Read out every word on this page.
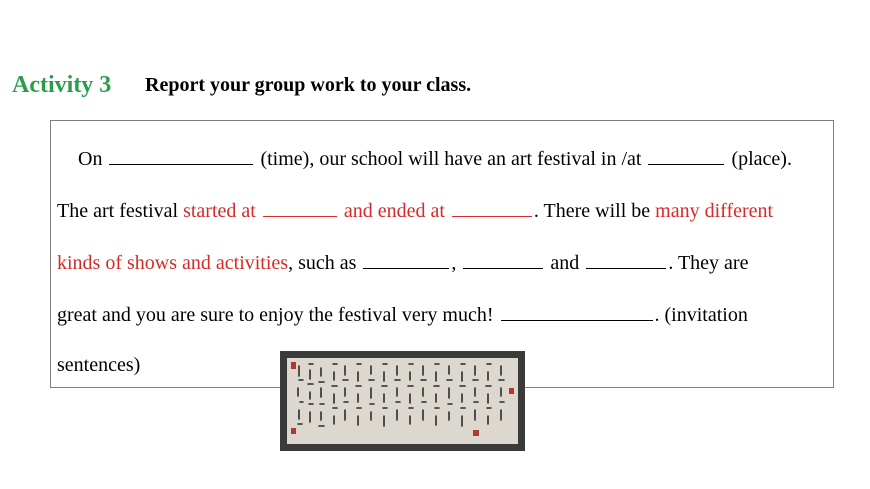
Activity 3 Report your group work to your class.
On	(time), our school will have an art festival in /at	(place).
The art festival started at	and ended at	. There will be many different
kinds of shows and activities, such as	,	and	. They are
great and you are sure to enjoy the festival very much!	. (invitation
sentences)
